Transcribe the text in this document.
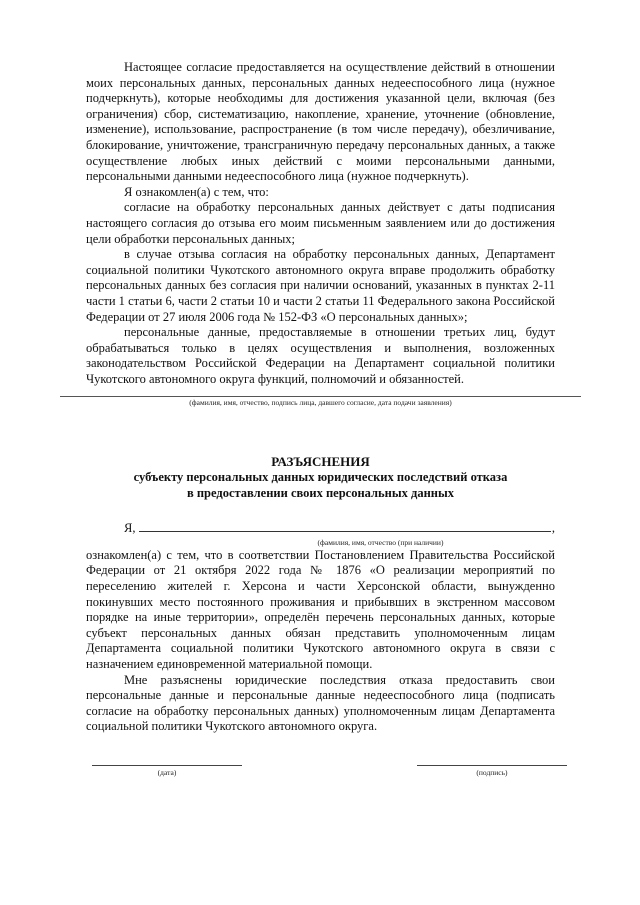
Настоящее согласие предоставляется на осуществление действий в отношении моих персональных данных, персональных данных недееспособного лица (нужное подчеркнуть), которые необходимы для достижения указанной цели, включая (без ограничения) сбор, систематизацию, накопление, хранение, уточнение (обновление, изменение), использование, распространение (в том числе передачу), обезличивание, блокирование, уничтожение, трансграничную передачу персональных данных, а также осуществление любых иных действий с моими персональными данными, персональными данными недееспособного лица (нужное подчеркнуть).

Я ознакомлен(а) с тем, что:

согласие на обработку персональных данных действует с даты подписания настоящего согласия до отзыва его моим письменным заявлением или до достижения цели обработки персональных данных;

в случае отзыва согласия на обработку персональных данных, Департамент социальной политики Чукотского автономного округа вправе продолжить обработку персональных данных без согласия при наличии оснований, указанных в пунктах 2-11 части 1 статьи 6, части 2 статьи 10 и части 2 статьи 11 Федерального закона Российской Федерации от 27 июля 2006 года № 152-ФЗ «О персональных данных»;

персональные данные, предоставляемые в отношении третьих лиц, будут обрабатываться только в целях осуществления и выполнения, возложенных законодательством Российской Федерации на Департамент социальной политики Чукотского автономного округа функций, полномочий и обязанностей.

(фамилия, имя, отчество, подпись лица, давшего согласие, дата подачи заявления)
РАЗЪЯСНЕНИЯ
субъекту персональных данных юридических последствий отказа
в предоставлении своих персональных данных
Я,	,
(фамилия, имя, отчество (при наличии)

ознакомлен(а) с тем, что в соответствии Постановлением Правительства Российской Федерации от 21 октября 2022 года № 1876 «О реализации мероприятий по переселению жителей г. Херсона и части Херсонской области, вынужденно покинувших место постоянного проживания и прибывших в экстренном массовом порядке на иные территории», определён перечень персональных данных, которые субъект персональных данных обязан представить уполномоченным лицам Департамента социальной политики Чукотского автономного округа в связи с назначением единовременной материальной помощи.

Мне разъяснены юридические последствия отказа предоставить свои персональные данные и персональные данные недееспособного лица (подписать согласие на обработку персональных данных) уполномоченным лицам Департамента социальной политики Чукотского автономного округа.

(дата)	(подпись)
